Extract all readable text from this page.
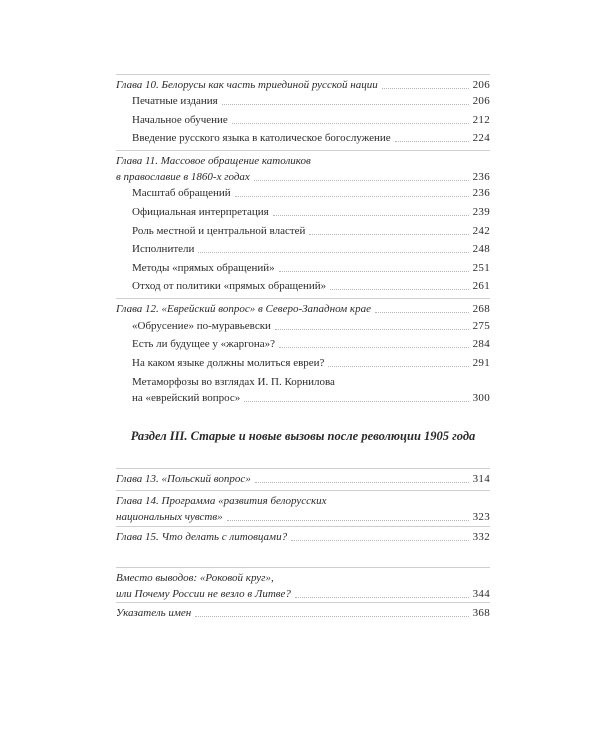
Глава 10. Белорусы как часть триединой русской нации	206
Печатные издания	206
Начальное обучение	212
Введение русского языка в католическое богослужение	224
Глава 11. Массовое обращение католиков
в православие в 1860-х годах	236
Масштаб обращений	236
Официальная интерпретация	239
Роль местной и центральной властей	242
Исполнители	248
Методы «прямых обращений»	251
Отход от политики «прямых обращений»	261
Глава 12. «Еврейский вопрос» в Северо-Западном крае	268
«Обрусение» по-муравьевски	275
Есть ли будущее у «жаргона»?	284
На каком языке должны молиться евреи?	291
Метаморфозы во взглядах И. П. Корнилова
на «еврейский вопрос»	300
Раздел III. Старые и новые вызовы после революции 1905 года
Глава 13. «Польский вопрос»	314
Глава 14. Программа «развития белорусских
национальных чувств»	323
Глава 15. Что делать с литовцами?	332
Вместо выводов: «Роковой круг»,
или Почему России не везло в Литве?	344
Указатель имен	368
